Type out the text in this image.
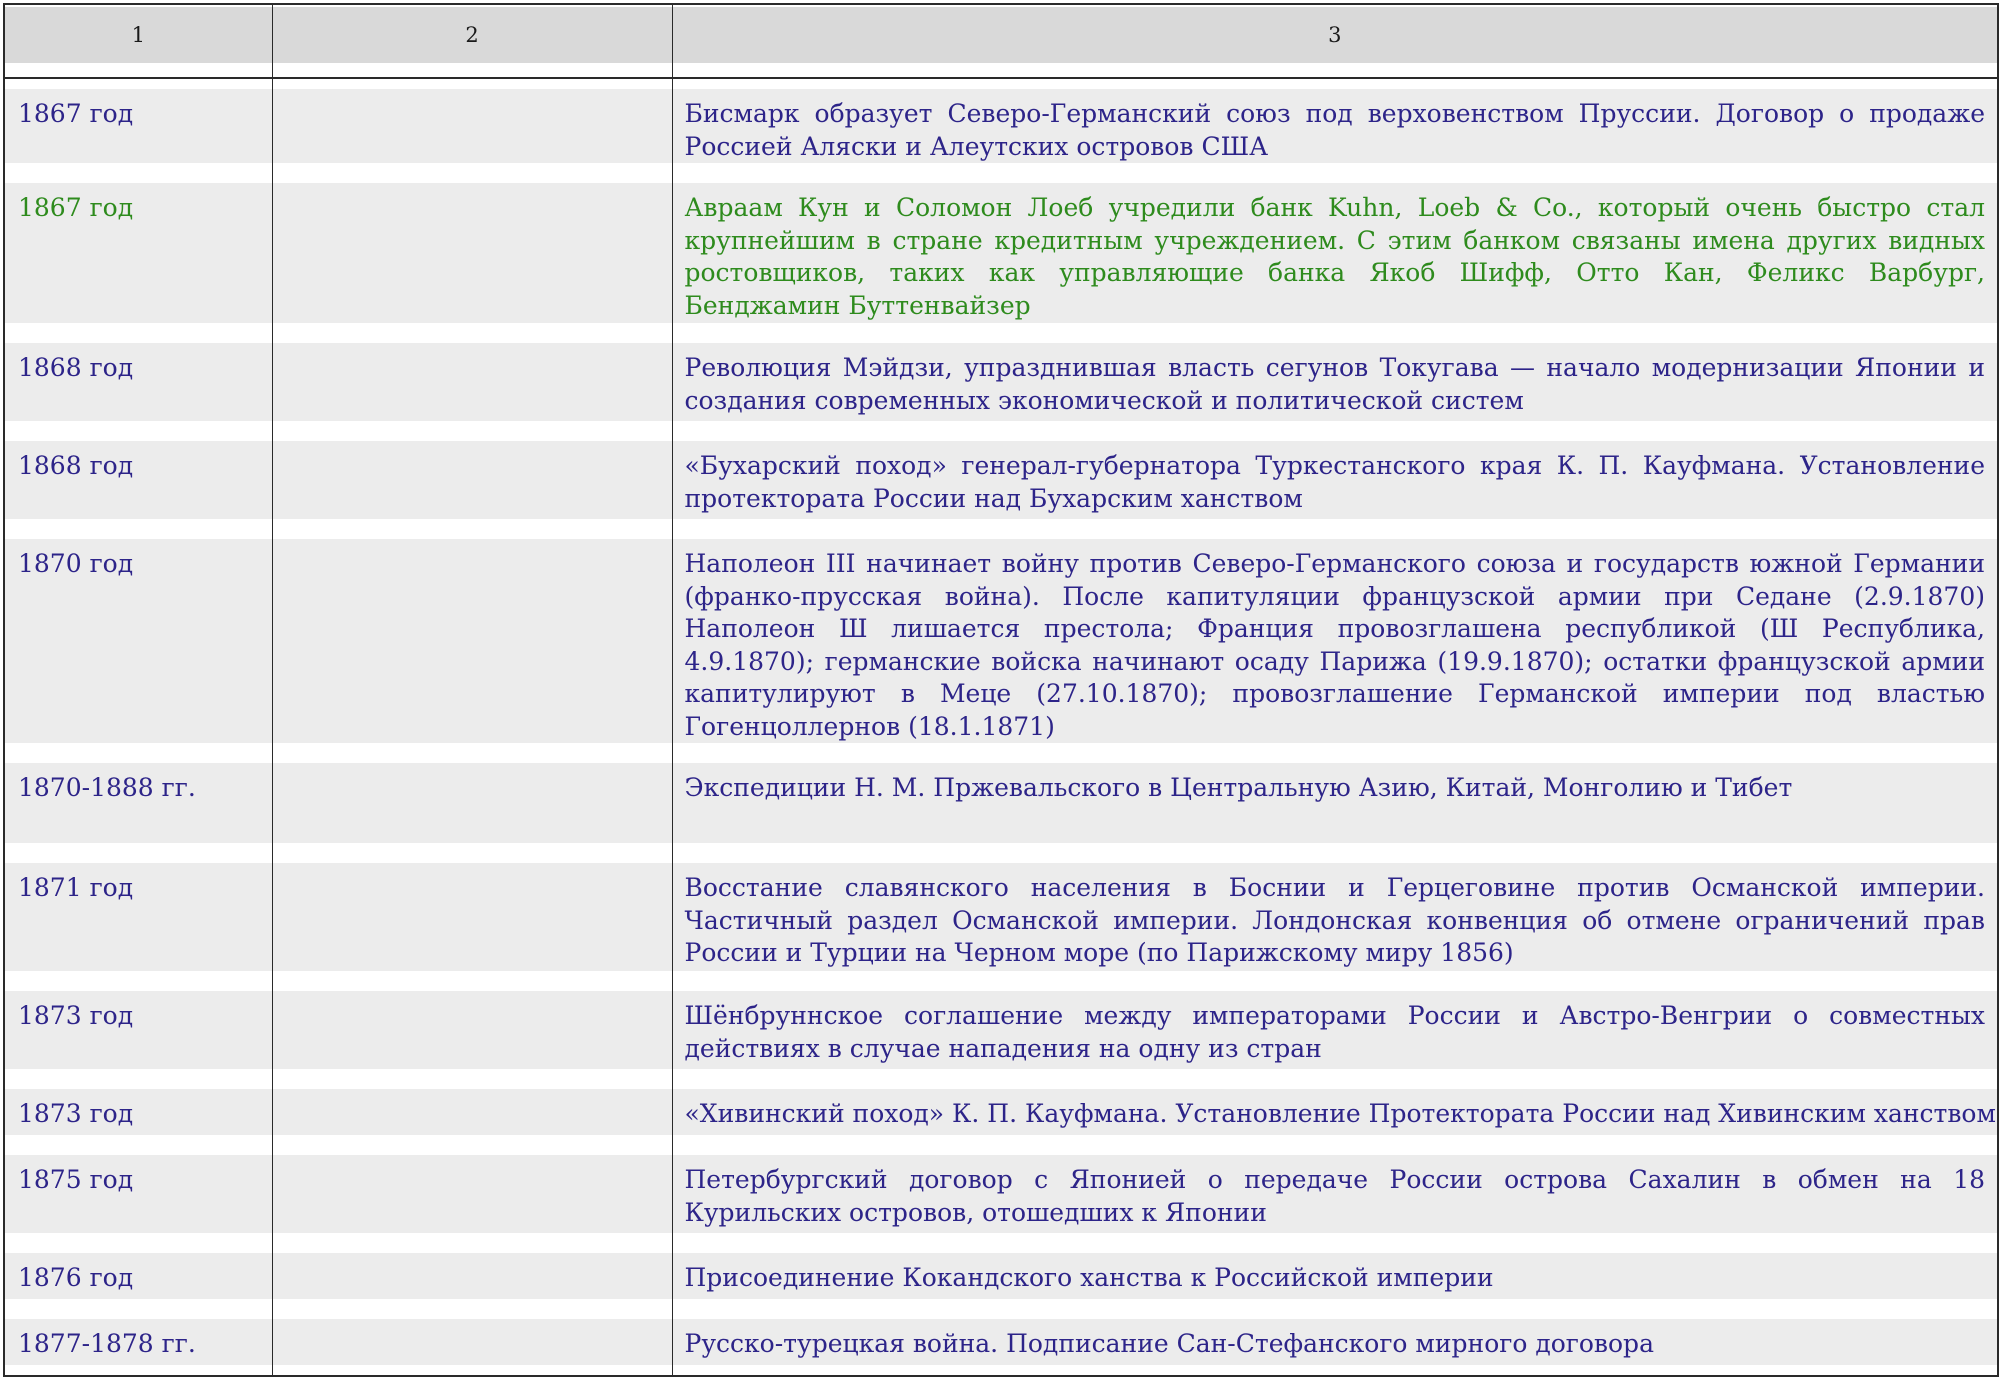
1	2	3

1867 год		Бисмарк образует Северо-Германский союз под верховенством Пруссии. Договор о продаже Россией Аляски и Алеутских островов США

1867 год		Авраам Кун и Соломон Лоеб учредили банк Kuhn, Loeb & Co., который очень быстро стал крупнейшим в стране кредитным учреждением. С этим банком связаны имена других видных ростовщиков, таких как управляющие банка Якоб Шифф, Отто Кан, Феликс Варбург, Бенджамин Буттенвайзер

1868 год		Революция Мэйдзи, упразднившая власть сегунов Токугава — начало модернизации Японии и создания современных экономической и политической систем

1868 год		«Бухарский поход» генерал-губернатора Туркестанского края К. П. Кауфмана. Установление протектората России над Бухарским ханством

1870 год		Наполеон III начинает войну против Северо-Германского союза и государств южной Германии (франко-прусская война). После капитуляции французской армии при Седане (2.9.1870) Наполеон Ш лишается престола; Франция провозглашена республикой (Ш Республика, 4.9.1870); германские войска начинают осаду Парижа (19.9.1870); остатки французской армии капитулируют в Меце (27.10.1870); провозглашение Германской империи под властью Гогенцоллернов (18.1.1871)

1870-1888 гг.		Экспедиции Н. М. Пржевальского в Центральную Азию, Китай, Монголию и Тибет

1871 год		Восстание славянского населения в Боснии и Герцеговине против Османской империи. Частичный раздел Османской империи. Лондонская конвенция об отмене ограничений прав России и Турции на Черном море (по Парижскому миру 1856)

1873 год		Шёнбруннское соглашение между императорами России и Австро-Венгрии о совместных действиях в случае нападения на одну из стран

1873 год		«Хивинский поход» К. П. Кауфмана. Установление Протектората России над Хивинским ханством

1875 год		Петербургский договор с Японией о передаче России острова Сахалин в обмен на 18 Курильских островов, отошедших к Японии

1876 год		Присоединение Кокандского ханства к Российской империи

1877-1878 гг.		Русско-турецкая война. Подписание Сан-Стефанского мирного договора
